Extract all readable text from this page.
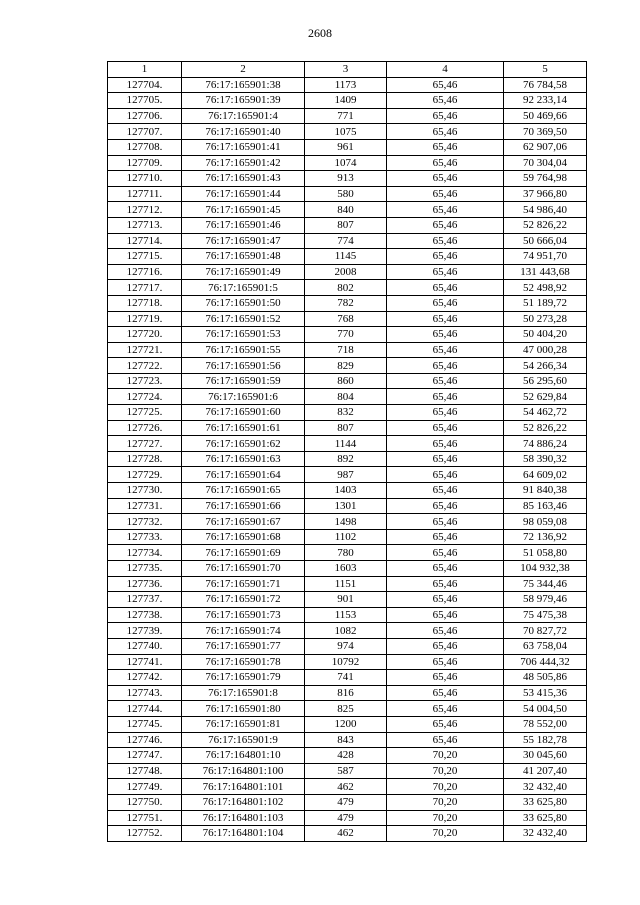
2608
1	2	3	4	5
127704.	76:17:165901:38	1173	65,46	76 784,58
127705.	76:17:165901:39	1409	65,46	92 233,14
127706.	76:17:165901:4	771	65,46	50 469,66
127707.	76:17:165901:40	1075	65,46	70 369,50
127708.	76:17:165901:41	961	65,46	62 907,06
127709.	76:17:165901:42	1074	65,46	70 304,04
127710.	76:17:165901:43	913	65,46	59 764,98
127711.	76:17:165901:44	580	65,46	37 966,80
127712.	76:17:165901:45	840	65,46	54 986,40
127713.	76:17:165901:46	807	65,46	52 826,22
127714.	76:17:165901:47	774	65,46	50 666,04
127715.	76:17:165901:48	1145	65,46	74 951,70
127716.	76:17:165901:49	2008	65,46	131 443,68
127717.	76:17:165901:5	802	65,46	52 498,92
127718.	76:17:165901:50	782	65,46	51 189,72
127719.	76:17:165901:52	768	65,46	50 273,28
127720.	76:17:165901:53	770	65,46	50 404,20
127721.	76:17:165901:55	718	65,46	47 000,28
127722.	76:17:165901:56	829	65,46	54 266,34
127723.	76:17:165901:59	860	65,46	56 295,60
127724.	76:17:165901:6	804	65,46	52 629,84
127725.	76:17:165901:60	832	65,46	54 462,72
127726.	76:17:165901:61	807	65,46	52 826,22
127727.	76:17:165901:62	1144	65,46	74 886,24
127728.	76:17:165901:63	892	65,46	58 390,32
127729.	76:17:165901:64	987	65,46	64 609,02
127730.	76:17:165901:65	1403	65,46	91 840,38
127731.	76:17:165901:66	1301	65,46	85 163,46
127732.	76:17:165901:67	1498	65,46	98 059,08
127733.	76:17:165901:68	1102	65,46	72 136,92
127734.	76:17:165901:69	780	65,46	51 058,80
127735.	76:17:165901:70	1603	65,46	104 932,38
127736.	76:17:165901:71	1151	65,46	75 344,46
127737.	76:17:165901:72	901	65,46	58 979,46
127738.	76:17:165901:73	1153	65,46	75 475,38
127739.	76:17:165901:74	1082	65,46	70 827,72
127740.	76:17:165901:77	974	65,46	63 758,04
127741.	76:17:165901:78	10792	65,46	706 444,32
127742.	76:17:165901:79	741	65,46	48 505,86
127743.	76:17:165901:8	816	65,46	53 415,36
127744.	76:17:165901:80	825	65,46	54 004,50
127745.	76:17:165901:81	1200	65,46	78 552,00
127746.	76:17:165901:9	843	65,46	55 182,78
127747.	76:17:164801:10	428	70,20	30 045,60
127748.	76:17:164801:100	587	70,20	41 207,40
127749.	76:17:164801:101	462	70,20	32 432,40
127750.	76:17:164801:102	479	70,20	33 625,80
127751.	76:17:164801:103	479	70,20	33 625,80
127752.	76:17:164801:104	462	70,20	32 432,40
